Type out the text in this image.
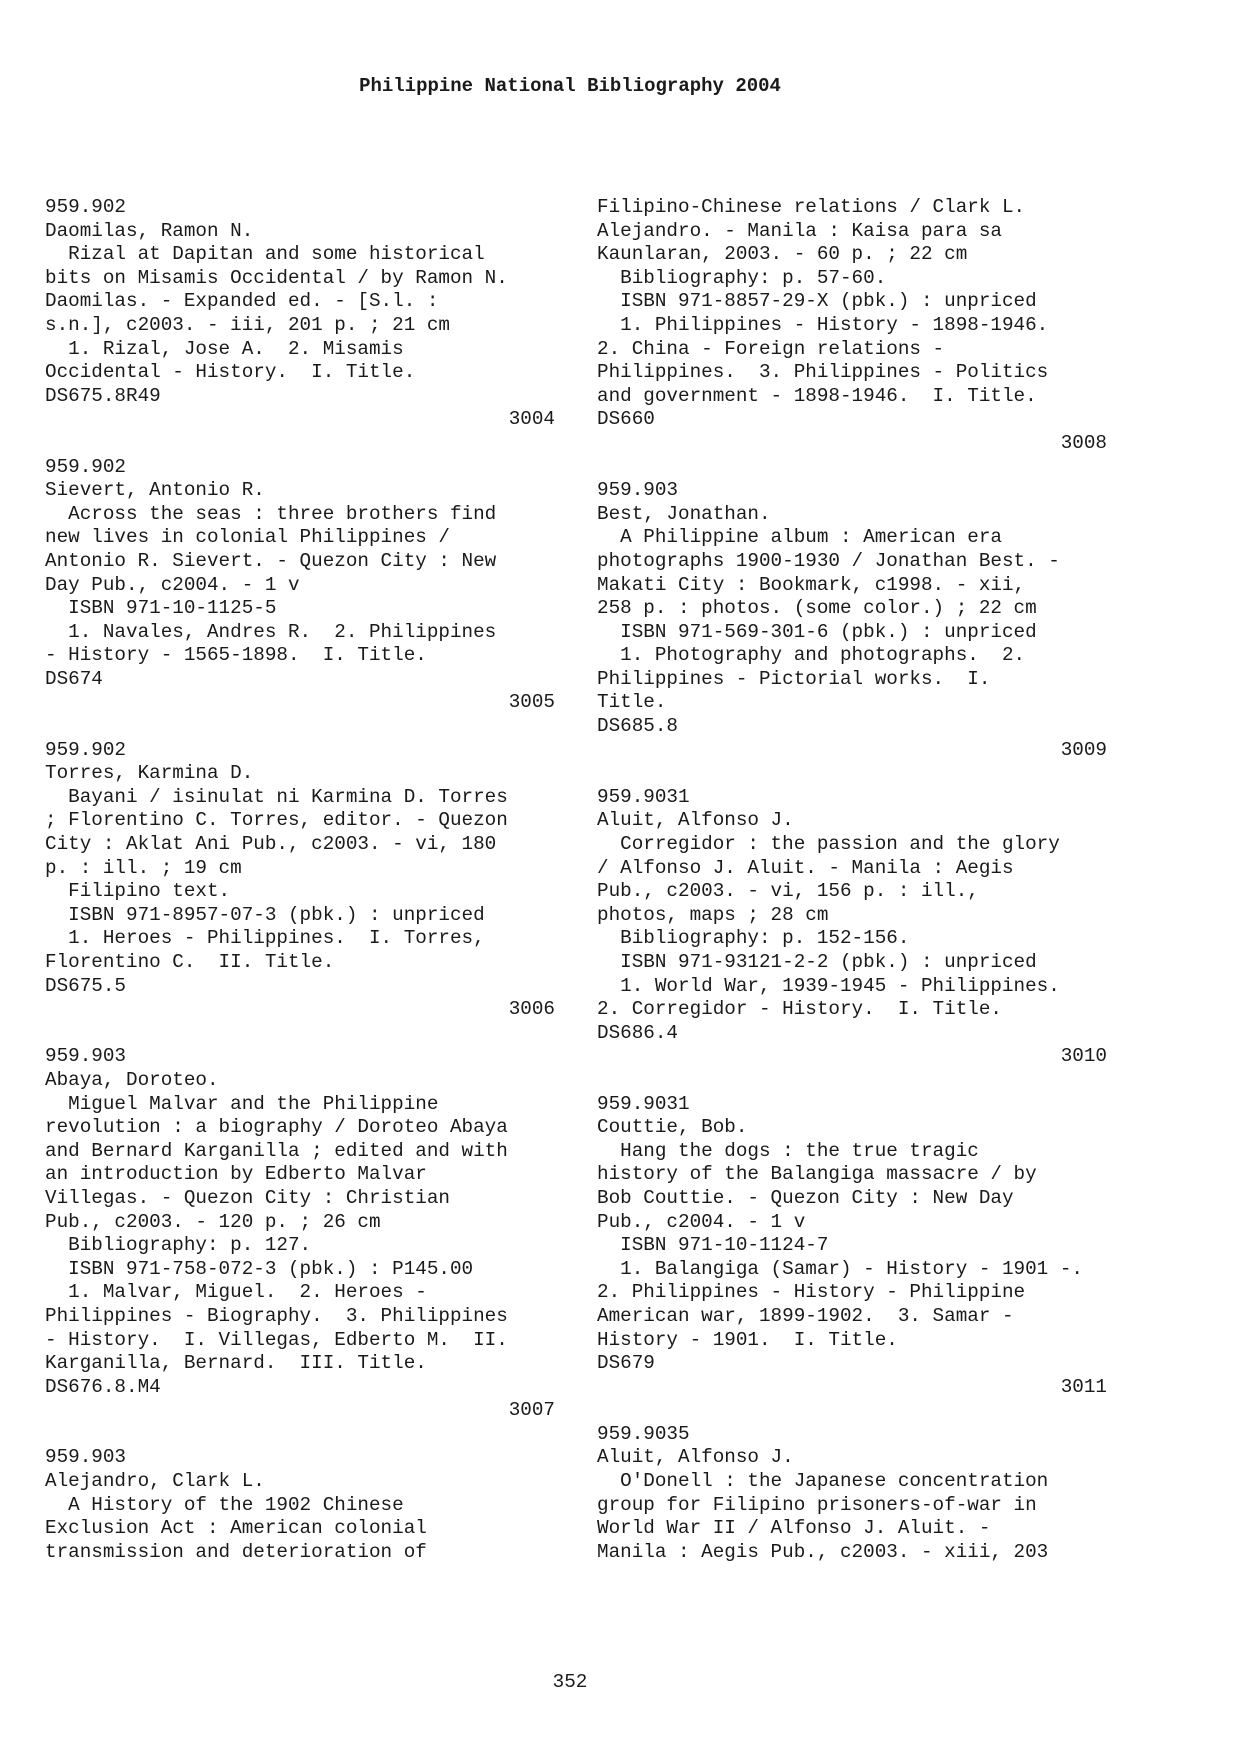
Philippine National Bibliography 2004
959.902
Daomilas, Ramon N.
Rizal at Dapitan and some historical
bits on Misamis Occidental / by Ramon N.
Daomilas. - Expanded ed. - [S.l. :
s.n.], c2003. - iii, 201 p. ; 21 cm
1. Rizal, Jose A.  2. Misamis
Occidental - History.  I. Title.
DS675.8R49
3004
959.902
Sievert, Antonio R.
Across the seas : three brothers find
new lives in colonial Philippines /
Antonio R. Sievert. - Quezon City : New
Day Pub., c2004. - 1 v
ISBN 971-10-1125-5
1. Navales, Andres R.  2. Philippines
- History - 1565-1898.  I. Title.
DS674
3005
959.902
Torres, Karmina D.
Bayani / isinulat ni Karmina D. Torres
; Florentino C. Torres, editor. - Quezon
City : Aklat Ani Pub., c2003. - vi, 180
p. : ill. ; 19 cm
Filipino text.
ISBN 971-8957-07-3 (pbk.) : unpriced
1. Heroes - Philippines.  I. Torres,
Florentino C.  II. Title.
DS675.5
3006
959.903
Abaya, Doroteo.
Miguel Malvar and the Philippine
revolution : a biography / Doroteo Abaya
and Bernard Karganilla ; edited and with
an introduction by Edberto Malvar
Villegas. - Quezon City : Christian
Pub., c2003. - 120 p. ; 26 cm
Bibliography: p. 127.
ISBN 971-758-072-3 (pbk.) : P145.00
1. Malvar, Miguel.  2. Heroes -
Philippines - Biography.  3. Philippines
- History.  I. Villegas, Edberto M.  II.
Karganilla, Bernard.  III. Title.
DS676.8.M4
3007
959.903
Alejandro, Clark L.
A History of the 1902 Chinese
Exclusion Act : American colonial
transmission and deterioration of
Filipino-Chinese relations / Clark L.
Alejandro. - Manila : Kaisa para sa
Kaunlaran, 2003. - 60 p. ; 22 cm
Bibliography: p. 57-60.
ISBN 971-8857-29-X (pbk.) : unpriced
1. Philippines - History - 1898-1946.
2. China - Foreign relations -
Philippines.  3. Philippines - Politics
and government - 1898-1946.  I. Title.
DS660
3008
959.903
Best, Jonathan.
A Philippine album : American era
photographs 1900-1930 / Jonathan Best. -
Makati City : Bookmark, c1998. - xii,
258 p. : photos. (some color.) ; 22 cm
ISBN 971-569-301-6 (pbk.) : unpriced
1. Photography and photographs.  2.
Philippines - Pictorial works.  I.
Title.
DS685.8
3009
959.9031
Aluit, Alfonso J.
Corregidor : the passion and the glory
/ Alfonso J. Aluit. - Manila : Aegis
Pub., c2003. - vi, 156 p. : ill.,
photos, maps ; 28 cm
Bibliography: p. 152-156.
ISBN 971-93121-2-2 (pbk.) : unpriced
1. World War, 1939-1945 - Philippines.
2. Corregidor - History.  I. Title.
DS686.4
3010
959.9031
Couttie, Bob.
Hang the dogs : the true tragic
history of the Balangiga massacre / by
Bob Couttie. - Quezon City : New Day
Pub., c2004. - 1 v
ISBN 971-10-1124-7
1. Balangiga (Samar) - History - 1901 -.
2. Philippines - History - Philippine
American war, 1899-1902.  3. Samar -
History - 1901.  I. Title.
DS679
3011
959.9035
Aluit, Alfonso J.
O'Donell : the Japanese concentration
group for Filipino prisoners-of-war in
World War II / Alfonso J. Aluit. -
Manila : Aegis Pub., c2003. - xiii, 203
352
